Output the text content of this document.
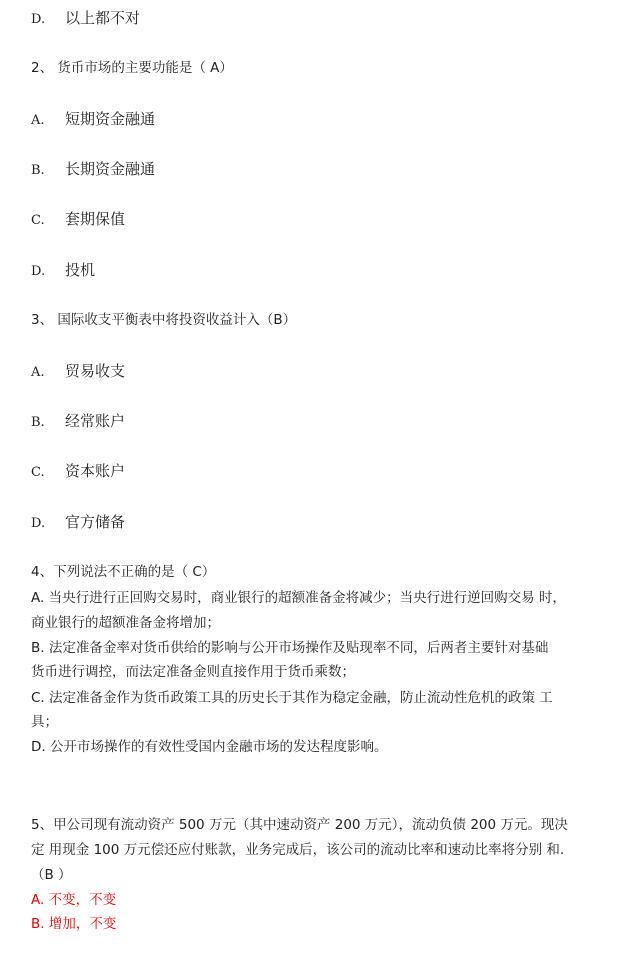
D. 以上都不对
2、 货币市场的主要功能是（ A）
A. 短期资金融通
B. 长期资金融通
C. 套期保值
D. 投机
3、 国际收支平衡表中将投资收益计入（B）
A. 贸易收支
B. 经常账户
C. 资本账户
D. 官方储备
4、下列说法不正确的是（ C）
A. 当央行进行正回购交易时，商业银行的超额准备金将减少；当央行进行逆回购交易 时，
商业银行的超额准备金将增加；
B. 法定准备金率对货币供给的影响与公开市场操作及贴现率不同，后两者主要针对基础
货币进行调控，而法定准备金则直接作用于货币乘数；
C. 法定准备金作为货币政策工具的历史长于其作为稳定金融，防止流动性危机的政策 工
具；
D. 公开市场操作的有效性受国内金融市场的发达程度影响。
5、甲公司现有流动资产 500 万元（其中速动资产 200 万元），流动负债 200 万元。现决
定 用现金 100 万元偿还应付账款，业务完成后，该公司的流动比率和速动比率将分别 和.
（B ）
A. 不变，不变
B. 增加，不变
